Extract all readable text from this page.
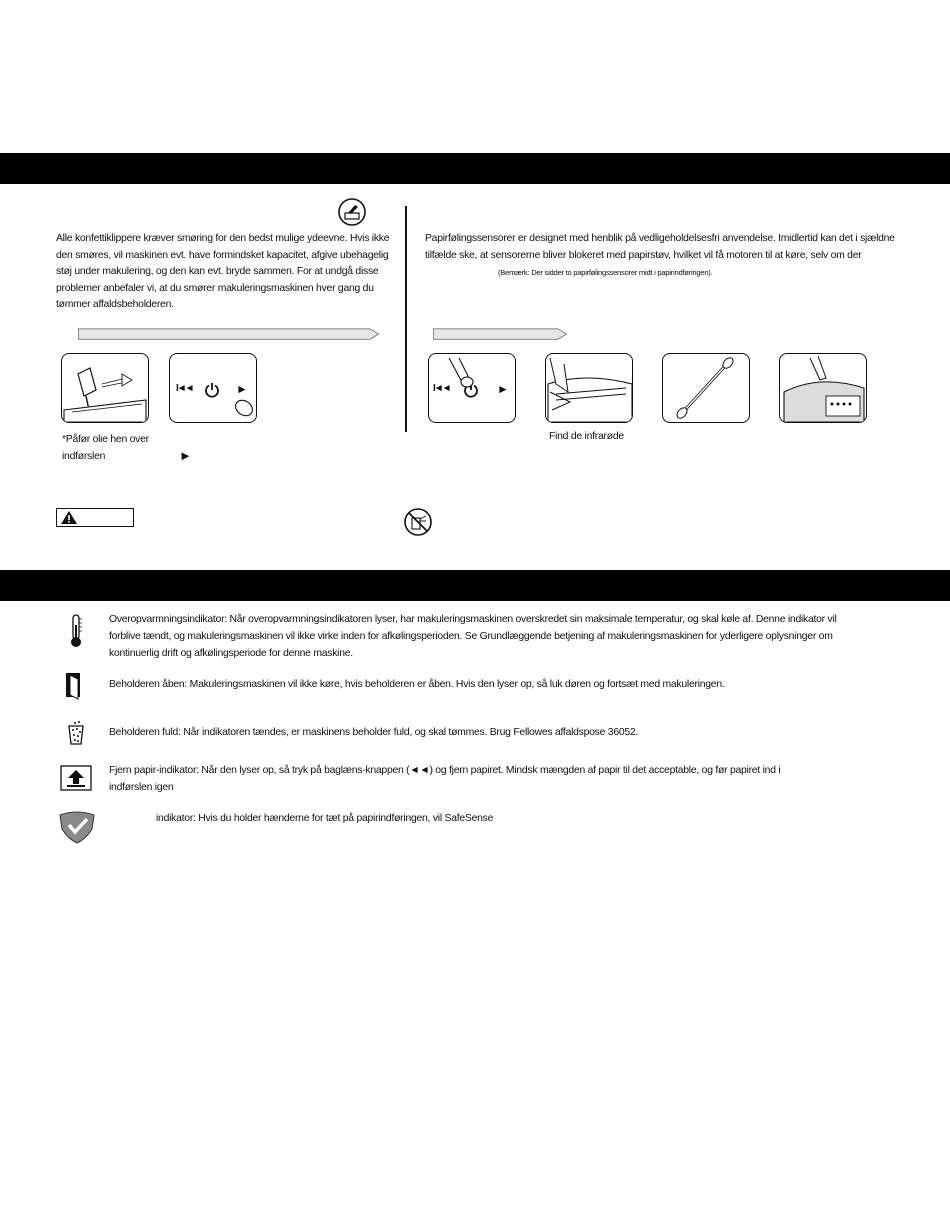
Alle konfettiklippere kræver smøring for den bedst mulige ydeevne. Hvis ikke den smøres, vil maskinen evt. have formindsket kapacitet, afgive ubehagelig støj under makulering, og den kan evt. bryde sammen. For at undgå disse problemer anbefaler vi, at du smører makuleringsmaskinen hver gang du tømmer affaldsbeholderen.
Papirfølingssensorer er designet med henblik på vedligeholdelsesfri anvendelse. Imidlertid kan det i sjældne tilfælde ske, at sensorerne bliver blokeret med papirstøv, hvilket vil få motoren til at køre, selv om der
(Bemærk: Der sidder to papirfølingssensorer midt i papirindføringen).
I◄◄	►
*Påfør olie hen over
indførslen	►
I◄◄	►
Find de infrarøde
Overopvarmningsindikator: Når overopvarmningsindikatoren lyser, har makuleringsmaskinen overskredet sin maksimale temperatur, og skal køle af. Denne indikator vil
forblive tændt, og makuleringsmaskinen vil ikke virke inden for afkølingsperioden. Se Grundlæggende betjening af makuleringsmaskinen for yderligere oplysninger om
kontinuerlig drift og afkølingsperiode for denne maskine.
Beholderen åben: Makuleringsmaskinen vil ikke køre, hvis beholderen er åben. Hvis den lyser op, så luk døren og fortsæt med makuleringen.
Beholderen fuld: Når indikatoren tændes, er maskinens beholder fuld, og skal tømmes. Brug Fellowes affaldspose 36052.
Fjern papir-indikator: Når den lyser op, så tryk på baglæns-knappen (◄◄) og fjern papiret. Mindsk mængden af papir til det acceptable, og før papiret ind i
indførslen igen
indikator: Hvis du holder hænderne for tæt på papirindføringen, vil SafeSense
